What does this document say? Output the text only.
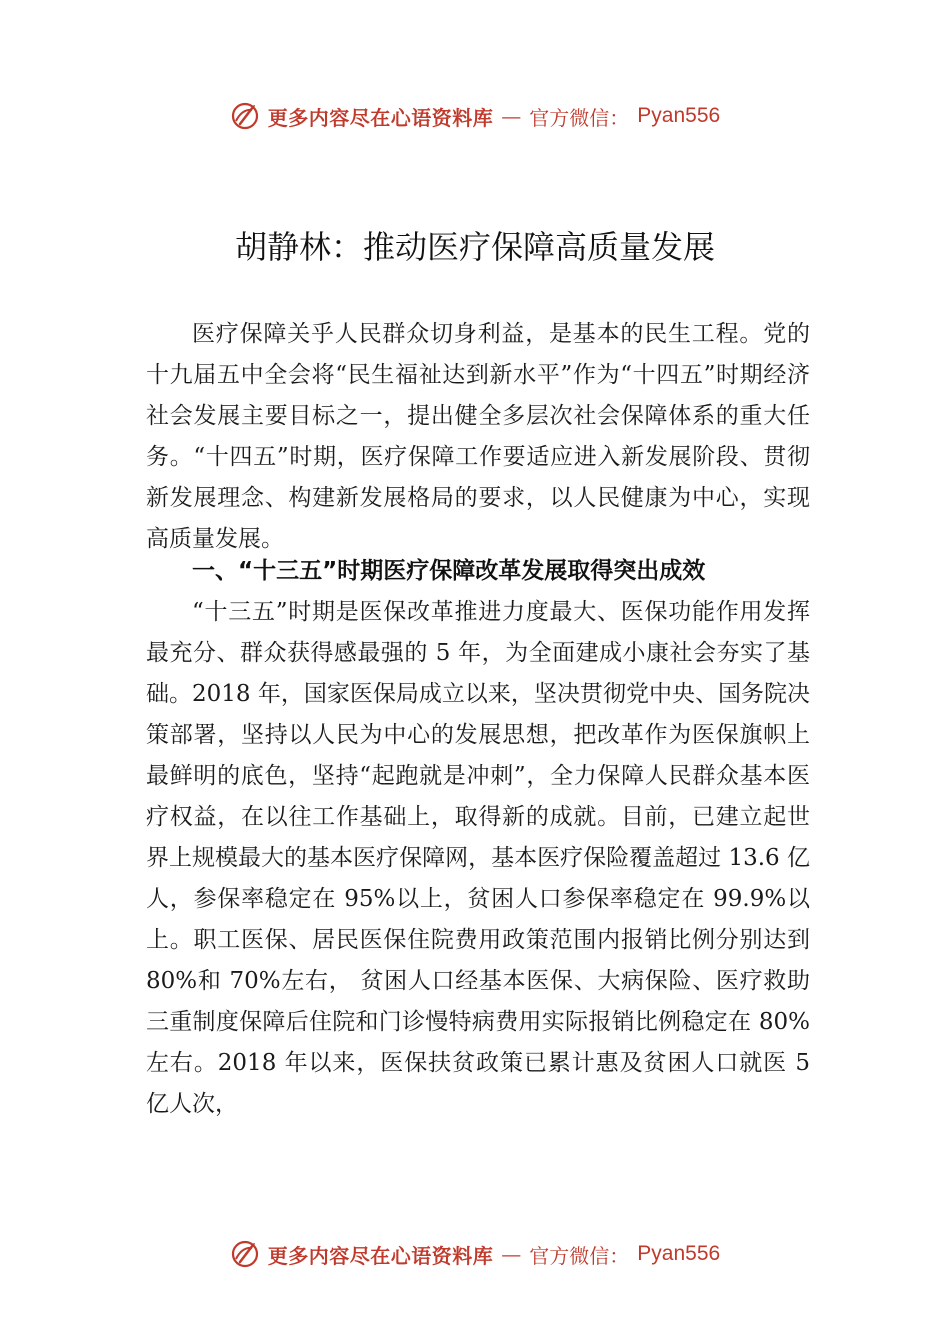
更多内容尽在心语资料库 — 官方微信： Pyan556
胡静林：推动医疗保障高质量发展

医疗保障关乎人民群众切身利益，是基本的民生工程。党的十九届五中全会将“民生福祉达到新水平”作为“十四五”时期经济社会发展主要目标之一，提出健全多层次社会保障体系的重大任务。“十四五”时期，医疗保障工作要适应进入新发展阶段、贯彻新发展理念、构建新发展格局的要求，以人民健康为中心，实现高质量发展。

一、“十三五”时期医疗保障改革发展取得突出成效

“十三五”时期是医保改革推进力度最大、医保功能作用发挥最充分、群众获得感最强的 5 年，为全面建成小康社会夯实了基础。2018 年，国家医保局成立以来，坚决贯彻党中央、国务院决策部署，坚持以人民为中心的发展思想，把改革作为医保旗帜上最鲜明的底色，坚持“起跑就是冲刺”，全力保障人民群众基本医疗权益，在以往工作基础上，取得新的成就。目前，已建立起世界上规模最大的基本医疗保障网，基本医疗保险覆盖超过 13.6 亿人，参保率稳定在 95%以上，贫困人口参保率稳定在 99.9%以上。职工医保、居民医保住院费用政策范围内报销比例分别达到 80%和 70%左右， 贫困人口经基本医保、大病保险、医疗救助三重制度保障后住院和门诊慢特病费用实际报销比例稳定在 80%左右。2018 年以来，医保扶贫政策已累计惠及贫困人口就医 5 亿人次，

更多内容尽在心语资料库 — 官方微信： Pyan556
